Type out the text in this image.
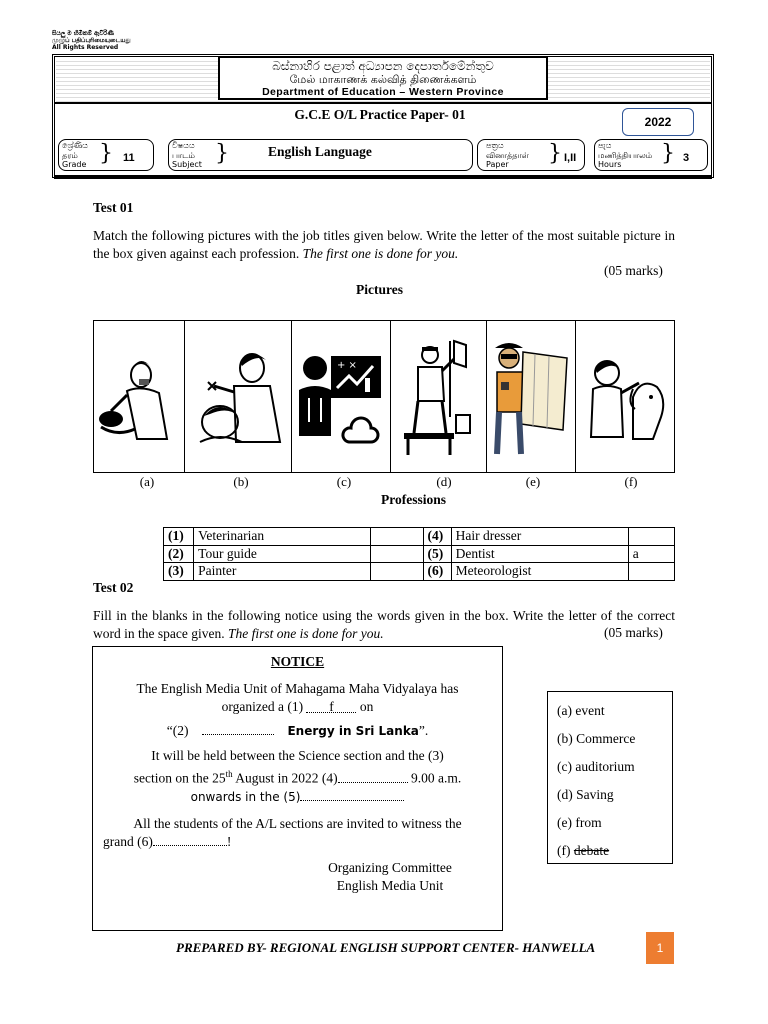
සියලු ම හිමිකම් ඇවිරිණි
முழுப் பதிப்புரிமையுடையது
All Rights Reserved
බස්නාහිර පළාත් අධ්‍යාපන දෙපාර්තමේන්තුව
மேல் மாகாணக் கல்வித் திணைக்களம்
Department of Education – Western Province
G.C.E O/L Practice Paper- 01	2022
ශ්‍රේණිය
தரம்
Grade } 11
විෂයය
பாடம்
Subject }	English Language	පත්‍රය
வினாத்தாள்
Paper	} I,II
පැය
மணித்தியாலம்
Hours	} 3
Test 01
Match the following pictures with the job titles given below. Write the letter of the most suitable picture in the box given against each profession. The first one is done for you.
(05 marks)
Pictures
+ ×
(a)	(b)	(c)	(d)	(e)	(f)
Professions
(1)	Veterinarian		(4)	Hair dresser	
(2)	Tour guide		(5)	Dentist	a
(3)	Painter		(6)	Meteorologist	
Test 02
Fill in the blanks in the following notice using the words given in the box. Write the letter of the correct word in the space given. The first one is done for you.	(05 marks)
NOTICE
The English Media Unit of Mahagama Maha Vidyalaya has
organized a (1) f on
“(2)	Energy in Sri Lanka”.
It will be held between the Science section and the (3)
section on the 25th August in 2022 (4)	9.00 a.m.
onwards in the (5)
All the students of the A/L sections are invited to witness the
grand (6)	!
Organizing Committee
English Media Unit
(a) event
(b) Commerce
(c) auditorium
(d) Saving
(e) from
(f) debate
PREPARED BY- REGIONAL ENGLISH SUPPORT CENTER- HANWELLA	1
